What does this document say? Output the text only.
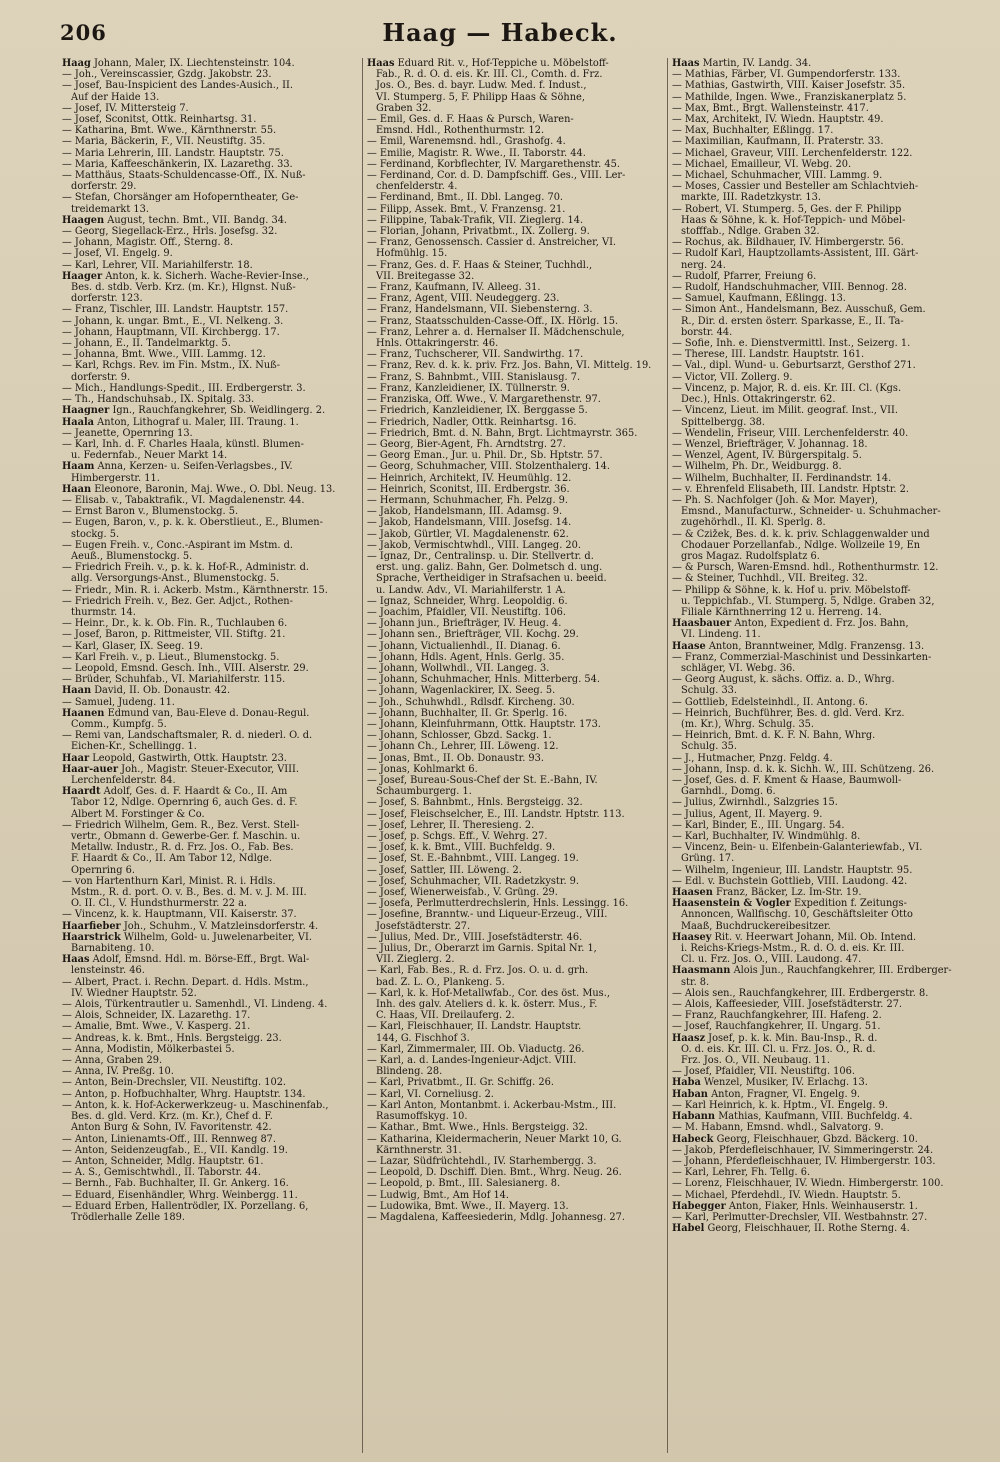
206	Haag — Habeck.
Haag Johann, Maler, IX. Liechtensteinstr. 104.
— Joh., Vereinscassier, Gzdg. Jakobstr. 23.
— Josef, Bau-Inspicient des Landes-Ausich., II.
Auf der Haide 13.
— Josef, IV. Mittersteig 7.
— Josef, Sconitst, Ottk. Reinhartsg. 31.
— Katharina, Bmt. Wwe., Kärnthnerstr. 55.
— Maria, Bäckerin, F., VII. Neustiftg. 35.
— Maria Lehrerin, III. Landstr. Hauptstr. 75.
— Maria, Kaffeeschänkerin, IX. Lazarethg. 33.
— Matthäus, Staats-Schuldencasse-Off., IX. Nuß-
dorferstr. 29.
— Stefan, Chorsänger am Hofoperntheater, Ge-
treidemarkt 13.
Haagen August, techn. Bmt., VII. Bandg. 34.
— Georg, Siegellack-Erz., Hrls. Josefsg. 32.
— Johann, Magistr. Off., Sterng. 8.
— Josef, VI. Engelg. 9.
— Karl, Lehrer, VII. Mariahilferstr. 18.
Haager Anton, k. k. Sicherh. Wache-Revier-Inse.,
Bes. d. stdb. Verb. Krz. (m. Kr.), Hlgnst. Nuß-
dorferstr. 123.
— Franz, Tischler, III. Landstr. Hauptstr. 157.
— Johann, k. ungar. Bmt., E., VI. Nelkeng. 3.
— Johann, Hauptmann, VII. Kirchbergg. 17.
— Johann, E., II. Tandelmarktg. 5.
— Johanna, Bmt. Wwe., VIII. Lammg. 12.
— Karl, Rchgs. Rev. im Fin. Mstm., IX. Nuß-
dorferstr. 9.
— Mich., Handlungs-Spedit., III. Erdbergerstr. 3.
— Th., Handschuhsab., IX. Spitalg. 33.
Haagner Ign., Rauchfangkehrer, Sb. Weidlingerg. 2.
Haala Anton, Lithograf u. Maler, III. Traung. 1.
— Jeanette, Opernring 13.
— Karl, Inh. d. F. Charles Haala, künstl. Blumen-
u. Federnfab., Neuer Markt 14.
Haam Anna, Kerzen- u. Seifen-Verlagsbes., IV.
Himbergerstr. 11.
Haan Eleonore, Baronin, Maj. Wwe., O. Dbl. Neug. 13.
— Elisab. v., Tabaktrafik., VI. Magdalenenstr. 44.
— Ernst Baron v., Blumenstockg. 5.
— Eugen, Baron, v., p. k. k. Oberstlieut., E., Blumen-
stockg. 5.
— Eugen Freih. v., Conc.-Aspirant im Mstm. d.
Aeuß., Blumenstockg. 5.
— Friedrich Freih. v., p. k. k. Hof-R., Administr. d.
allg. Versorgungs-Anst., Blumenstockg. 5.
— Friedr., Min. R. i. Ackerb. Mstm., Kärnthnerstr. 15.
— Friedrich Freih. v., Bez. Ger. Adjct., Rothen-
thurmstr. 14.
— Heinr., Dr., k. k. Ob. Fin. R., Tuchlauben 6.
— Josef, Baron, p. Rittmeister, VII. Stiftg. 21.
— Karl, Glaser, IX. Seeg. 19.
— Karl Freih. v., p. Lieut., Blumenstockg. 5.
— Leopold, Emsnd. Gesch. Inh., VIII. Alserstr. 29.
— Brüder, Schuhfab., VI. Mariahilferstr. 115.
Haan David, II. Ob. Donaustr. 42.
— Samuel, Judeng. 11.
Haanen Edmund van, Bau-Eleve d. Donau-Regul.
Comm., Kumpfg. 5.
— Remi van, Landschaftsmaler, R. d. niederl. O. d.
Eichen-Kr., Schellingg. 1.
Haar Leopold, Gastwirth, Ottk. Hauptstr. 23.
Haar-auer Joh., Magistr. Steuer-Executor, VIII.
Lerchenfelderstr. 84.
Haardt Adolf, Ges. d. F. Haardt & Co., II. Am
Tabor 12, Ndlge. Opernring 6, auch Ges. d. F.
Albert M. Forstinger & Co.
— Friedrich Wilhelm, Gem. R., Bez. Verst. Stell-
vertr., Obmann d. Gewerbe-Ger. f. Maschin. u.
Metallw. Industr., R. d. Frz. Jos. O., Fab. Bes.
F. Haardt & Co., II. Am Tabor 12, Ndlge.
Opernring 6.
— von Hartenthurn Karl, Minist. R. i. Hdls.
Mstm., R. d. port. O. v. B., Bes. d. M. v. J. M. III.
O. II. Cl., V. Hundsthurmerstr. 22 a.
— Vincenz, k. k. Hauptmann, VII. Kaiserstr. 37.
Haarfieber Joh., Schuhm., V. Matzleinsdorferstr. 4.
Haarstrick Wilhelm, Gold- u. Juwelenarbeiter, VI.
Barnabiteng. 10.
Haas Adolf, Emsnd. Hdl. m. Börse-Eff., Brgt. Wal-
lensteinstr. 46.
— Albert, Pract. i. Rechn. Depart. d. Hdls. Mstm.,
IV. Wiedner Hauptstr. 52.
— Alois, Türkentrautler u. Samenhdl., VI. Lindeng. 4.
— Alois, Schneider, IX. Lazarethg. 17.
— Amalie, Bmt. Wwe., V. Kasperg. 21.
— Andreas, k. k. Bmt., Hnls. Bergsteigg. 23.
— Anna, Modistin, Mölkerbastei 5.
— Anna, Graben 29.
— Anna, IV. Preßg. 10.
— Anton, Bein-Drechsler, VII. Neustiftg. 102.
— Anton, p. Hofbuchhalter, Whrg. Hauptstr. 134.
— Anton, k. k. Hof-Ackerwerkzeug- u. Maschinenfab.,
Bes. d. gld. Verd. Krz. (m. Kr.), Chef d. F.
Anton Burg & Sohn, IV. Favoritenstr. 42.
— Anton, Linienamts-Off., III. Rennweg 87.
— Anton, Seidenzeugfab., E., VII. Kandlg. 19.
— Anton, Schneider, Mdlg. Hauptstr. 61.
— A. S., Gemischtwhdl., II. Taborstr. 44.
— Bernh., Fab. Buchhalter, II. Gr. Ankerg. 16.
— Eduard, Eisenhändler, Whrg. Weinbergg. 11.
— Eduard Erben, Hallentrödler, IX. Porzellang. 6,
Trödlerhalle Zelle 189.
Haas Eduard Rit. v., Hof-Teppiche u. Möbelstoff-
Fab., R. d. O. d. eis. Kr. III. Cl., Comth. d. Frz.
Jos. O., Bes. d. bayr. Ludw. Med. f. Indust.,
VI. Stumperg. 5, F. Philipp Haas & Söhne,
Graben 32.
— Emil, Ges. d. F. Haas & Pursch, Waren-
Emsnd. Hdl., Rothenthurmstr. 12.
— Emil, Warenemsnd. hdl., Grashofg. 4.
— Emilie, Magistr. R. Wwe., II. Taborstr. 44.
— Ferdinand, Korbflechter, IV. Margarethenstr. 45.
— Ferdinand, Cor. d. D. Dampfschiff. Ges., VIII. Ler-
chenfelderstr. 4.
— Ferdinand, Bmt., II. Dbl. Langeg. 70.
— Filipp, Assek. Bmt., V. Franzensg. 21.
— Filippine, Tabak-Trafik, VII. Zieglerg. 14.
— Florian, Johann, Privatbmt., IX. Zollerg. 9.
— Franz, Genossensch. Cassier d. Anstreicher, VI.
Hofmühlg. 15.
— Franz, Ges. d. F. Haas & Steiner, Tuchhdl.,
VII. Breitegasse 32.
— Franz, Kaufmann, IV. Alleeg. 31.
— Franz, Agent, VIII. Neudeggerg. 23.
— Franz, Handelsmann, VII. Siebensterng. 3.
— Franz, Staatsschulden-Casse-Off., IX. Hörlg. 15.
— Franz, Lehrer a. d. Hernalser II. Mädchenschule,
Hnls. Ottakringerstr. 46.
— Franz, Tuchscherer, VII. Sandwirthg. 17.
— Franz, Rev. d. k. k. priv. Frz. Jos. Bahn, VI. Mittelg. 19.
— Franz, S. Bahnbmt., VIII. Stanislausg. 7.
— Franz, Kanzleidiener, IX. Tüllnerstr. 9.
— Franziska, Off. Wwe., V. Margarethenstr. 97.
— Friedrich, Kanzleidiener, IX. Berggasse 5.
— Friedrich, Nadler, Ottk. Reinhartsg. 16.
— Friedrich, Bmt. d. N. Bahn, Brgt. Lichtmayrstr. 365.
— Georg, Bier-Agent, Fh. Arndtstrg. 27.
— Georg Eman., Jur. u. Phil. Dr., Sb. Hptstr. 57.
— Georg, Schuhmacher, VIII. Stolzenthalerg. 14.
— Heinrich, Architekt, IV. Heumühlg. 12.
— Heinrich, Sconitst, III. Erdbergstr. 36.
— Hermann, Schuhmacher, Fh. Pelzg. 9.
— Jakob, Handelsmann, III. Adamsg. 9.
— Jakob, Handelsmann, VIII. Josefsg. 14.
— Jakob, Gürtler, VI. Magdalenenstr. 62.
— Jakob, Vermischtwhdl., VIII. Langeg. 20.
— Ignaz, Dr., Centralinsp. u. Dir. Stellvertr. d.
erst. ung. galiz. Bahn, Ger. Dolmetsch d. ung.
Sprache, Vertheidiger in Strafsachen u. beeid.
u. Landw. Adv., VI. Mariahilferstr. 1 A.
— Ignaz, Schneider, Whrg. Leopoldig. 6.
— Joachim, Pfaidler, VII. Neustiftg. 106.
— Johann jun., Briefträger, IV. Heug. 4.
— Johann sen., Briefträger, VII. Kochg. 29.
— Johann, Victualienhdl., II. Dianag. 6.
— Johann, Hdls. Agent, Hnls. Gerlg. 35.
— Johann, Wollwhdl., VII. Langeg. 3.
— Johann, Schuhmacher, Hnls. Mitterberg. 54.
— Johann, Wagenlackirer, IX. Seeg. 5.
— Joh., Schuhwhdl., Rdlsdf. Kircheng. 30.
— Johann, Buchhalter, II. Gr. Sperlg. 16.
— Johann, Kleinfuhrmann, Ottk. Hauptstr. 173.
— Johann, Schlosser, Gbzd. Sackg. 1.
— Johann Ch., Lehrer, III. Löweng. 12.
— Jonas, Bmt., II. Ob. Donaustr. 93.
— Jonas, Kohlmarkt 6.
— Josef, Bureau-Sous-Chef der St. E.-Bahn, IV.
Schaumburgerg. 1.
— Josef, S. Bahnbmt., Hnls. Bergsteigg. 32.
— Josef, Fleischselcher, E., III. Landstr. Hptstr. 113.
— Josef, Lehrer, II. Theresieng. 2.
— Josef, p. Schgs. Eff., V. Wehrg. 27.
— Josef, k. k. Bmt., VIII. Buchfeldg. 9.
— Josef, St. E.-Bahnbmt., VIII. Langeg. 19.
— Josef, Sattler, III. Löweng. 2.
— Josef, Schuhmacher, VII. Radetzkystr. 9.
— Josef, Wienerweisfab., V. Grüng. 29.
— Josefa, Perlmutterdrechslerin, Hnls. Lessingg. 16.
— Josefine, Branntw.- und Liqueur-Erzeug., VIII.
Josefstädterstr. 27.
— Julius, Med. Dr., VIII. Josefstädterstr. 46.
— Julius, Dr., Oberarzt im Garnis. Spital Nr. 1,
VII. Zieglerg. 2.
— Karl, Fab. Bes., R. d. Frz. Jos. O. u. d. grh.
bad. Z. L. O., Plankeng. 5.
— Karl, k. k. Hof-Metallwfab., Cor. des öst. Mus.,
Inh. des galv. Ateliers d. k. k. österr. Mus., F.
C. Haas, VII. Dreilauferg. 2.
— Karl, Fleischhauer, II. Landstr. Hauptstr.
144, G. Fischhof 3.
— Karl, Zimmermaler, III. Ob. Viaductg. 26.
— Karl, a. d. Landes-Ingenieur-Adjct. VIII.
Blindeng. 28.
— Karl, Privatbmt., II. Gr. Schiffg. 26.
— Karl, VI. Corneliusg. 2.
— Karl Anton, Montanbmt. i. Ackerbau-Mstm., III.
Rasumoffskyg. 10.
— Kathar., Bmt. Wwe., Hnls. Bergsteigg. 32.
— Katharina, Kleidermacherin, Neuer Markt 10, G.
Kärnthnerstr. 31.
— Lazar, Südfrüchtehdl., IV. Starhembergg. 3.
— Leopold, D. Dschiff. Dien. Bmt., Whrg. Neug. 26.
— Leopold, p. Bmt., III. Salesianerg. 8.
— Ludwig, Bmt., Am Hof 14.
— Ludowika, Bmt. Wwe., II. Mayerg. 13.
— Magdalena, Kaffeesiederin, Mdlg. Johannesg. 27.
Haas Martin, IV. Landg. 34.
— Mathias, Färber, VI. Gumpendorferstr. 133.
— Mathias, Gastwirth, VIII. Kaiser Josefstr. 35.
— Mathilde, Ingen. Wwe., Franziskanerplatz 5.
— Max, Bmt., Brgt. Wallensteinstr. 417.
— Max, Architekt, IV. Wiedn. Hauptstr. 49.
— Max, Buchhalter, Eßlingg. 17.
— Maximilian, Kaufmann, II. Praterstr. 33.
— Michael, Graveur, VIII. Lerchenfelderstr. 122.
— Michael, Emailleur, VI. Webg. 20.
— Michael, Schuhmacher, VIII. Lammg. 9.
— Moses, Cassier und Besteller am Schlachtvieh-
markte, III. Radetzkystr. 13.
— Robert, VI. Stumperg. 5, Ges. der F. Philipp
Haas & Söhne, k. k. Hof-Teppich- und Möbel-
stofffab., Ndlge. Graben 32.
— Rochus, ak. Bildhauer, IV. Himbergerstr. 56.
— Rudolf Karl, Hauptzollamts-Assistent, III. Gärt-
nerg. 24.
— Rudolf, Pfarrer, Freiung 6.
— Rudolf, Handschuhmacher, VIII. Bennog. 28.
— Samuel, Kaufmann, Eßlingg. 13.
— Simon Ant., Handelsmann, Bez. Ausschuß, Gem.
R., Dir. d. ersten österr. Sparkasse, E., II. Ta-
borstr. 44.
— Sofie, Inh. e. Dienstvermittl. Inst., Seizerg. 1.
— Therese, III. Landstr. Hauptstr. 161.
— Val., dipl. Wund- u. Geburtsarzt, Gersthof 271.
— Victor, VII. Zollerg. 9.
— Vincenz, p. Major, R. d. eis. Kr. III. Cl. (Kgs.
Dec.), Hnls. Ottakringerstr. 62.
— Vincenz, Lieut. im Milit. geograf. Inst., VII.
Spittelbergg. 38.
— Wendelin, Friseur, VIII. Lerchenfelderstr. 40.
— Wenzel, Briefträger, V. Johannag. 18.
— Wenzel, Agent, IV. Bürgerspitalg. 5.
— Wilhelm, Ph. Dr., Weidburgg. 8.
— Wilhelm, Buchhalter, II. Ferdinandstr. 14.
— v. Ehrenfeld Elisabeth, III. Landstr. Hptstr. 2.
— Ph. S. Nachfolger (Joh. & Mor. Mayer),
Emsnd., Manufacturw., Schneider- u. Schuhmacher-
zugehörhdl., II. Kl. Sperlg. 8.
— & Czižek, Bes. d. k. k. priv. Schlaggenwalder und
Chodauer Porzellanfab., Ndlge. Wollzeile 19, En
gros Magaz. Rudolfsplatz 6.
— & Pursch, Waren-Emsnd. hdl., Rothenthurmstr. 12.
— & Steiner, Tuchhdl., VII. Breiteg. 32.
— Philipp & Söhne, k. k. Hof u. priv. Möbelstoff-
u. Teppichfab., VI. Stumperg. 5, Ndlge. Graben 32,
Filiale Kärnthnerring 12 u. Herreng. 14.
Haasbauer Anton, Expedient d. Frz. Jos. Bahn,
VI. Lindeng. 11.
Haase Anton, Branntweiner, Mdlg. Franzensg. 13.
— Franz, Commerzial-Maschinist und Dessinkarten-
schläger, VI. Webg. 36.
— Georg August, k. sächs. Offiz. a. D., Whrg.
Schulg. 33.
— Gottlieb, Edelsteinhdl., II. Antong. 6.
— Heinrich, Buchführer, Bes. d. gld. Verd. Krz.
(m. Kr.), Whrg. Schulg. 35.
— Heinrich, Bmt. d. K. F. N. Bahn, Whrg.
Schulg. 35.
— J., Hutmacher, Pnzg. Feldg. 4.
— Johann, Insp. d. k. k. Sichh. W., III. Schützeng. 26.
— Josef, Ges. d. F. Kment & Haase, Baumwoll-
Garnhdl., Domg. 6.
— Julius, Zwirnhdl., Salzgries 15.
— Julius, Agent, II. Mayerg. 9.
— Karl, Binder, E., III. Ungarg. 54.
— Karl, Buchhalter, IV. Windmühlg. 8.
— Vincenz, Bein- u. Elfenbein-Galanteriewfab., VI.
Grüng. 17.
— Wilhelm, Ingenieur, III. Landstr. Hauptstr. 95.
— Edl. v. Buchstein Gottlieb, VIII. Laudong. 42.
Haasen Franz, Bäcker, Lz. Im-Str. 19.
Haasenstein & Vogler Expedition f. Zeitungs-
Annoncen, Wallfischg. 10, Geschäftsleiter Otto
Maaß, Buchdruckereibesitzer.
Haasey Rit. v. Heerwart Johann, Mil. Ob. Intend.
i. Reichs-Kriegs-Mstm., R. d. O. d. eis. Kr. III.
Cl. u. Frz. Jos. O., VIII. Laudong. 47.
Haasmann Alois Jun., Rauchfangkehrer, III. Erdberger-
str. 8.
— Alois sen., Rauchfangkehrer, III. Erdbergerstr. 8.
— Alois, Kaffeesieder, VIII. Josefstädterstr. 27.
— Franz, Rauchfangkehrer, III. Hafeng. 2.
— Josef, Rauchfangkehrer, II. Ungarg. 51.
Haasz Josef, p. k. k. Min. Bau-Insp., R. d.
O. d. eis. Kr. III. Cl. u. Frz. Jos. O., R. d.
Frz. Jos. O., VII. Neubaug. 11.
— Josef, Pfaidler, VII. Neustiftg. 106.
Haba Wenzel, Musiker, IV. Erlachg. 13.
Haban Anton, Fragner, VI. Engelg. 9.
— Karl Heinrich, k. k. Hptm., VI. Engelg. 9.
Habann Mathias, Kaufmann, VIII. Buchfeldg. 4.
— M. Habann, Emsnd. whdl., Salvatorg. 9.
Habeck Georg, Fleischhauer, Gbzd. Bäckerg. 10.
— Jakob, Pferdefleischhauer, IV. Simmeringerstr. 24.
— Johann, Pferdefleischhauer, IV. Himbergerstr. 103.
— Karl, Lehrer, Fh. Tellg. 6.
— Lorenz, Fleischhauer, IV. Wiedn. Himbergerstr. 100.
— Michael, Pferdehdl., IV. Wiedn. Hauptstr. 5.
Habegger Anton, Fiaker, Hnls. Weinhauserstr. 1.
— Karl, Perlmutter-Drechsler, VII. Westbahnstr. 27.
Habel Georg, Fleischhauer, II. Rothe Sterng. 4.
